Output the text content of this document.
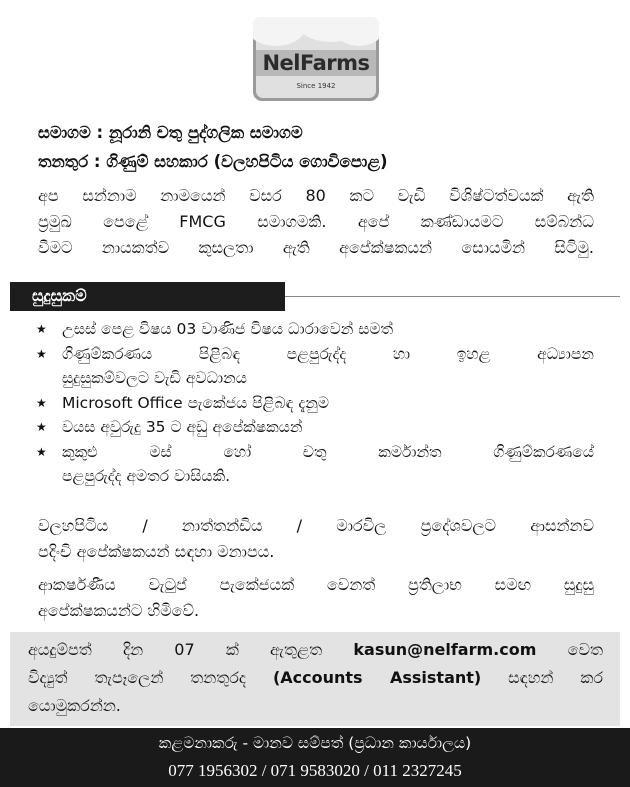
NelFarms
Since 1942
සමාගම : නූරානි චතු පුද්ගලික සමාගම
තනතුර : ගිණුම් සහකාර (වලහපිටිය ගොවිපොළ)
අප සන්නාම නාමයෙන් වසර 80 කට වැඩි විශිෂ්ටත්වයක් ඇති
ප්‍රමුඛ පෙළේ FMCG සමාගමකි. අපේ කණ්ඩායමට සම්බන්ධ
වීමට නායකත්ව කුසලතා ඇති අපේක්ෂකයන් සොයමින් සිටිමු.
සුදුසුකම්
★ උසස් පෙළ විෂය 03 වාණිජ විෂය ධාරාවෙන් සමත්
★ ගිණුම්කරණය පිළිබඳ පළපුරුද්ද හා ඉහළ අධ්‍යාපන
සුදුසුකම්වලට වැඩි අවධානය
★ Microsoft Office පැකේජය පිළිබඳ දැනුම
★ වයස අවුරුදු 35 ට අඩු අපේක්ෂකයන්
★ කුකුළු මස් හෝ චතු කර්මාන්ත ගිණුම්කරණයේ
පළපුරුද්ද අමතර වාසියකි.
වලහපිටිය / නාත්තන්ඩිය / මාරවිල ප්‍රදේශවලට ආසන්නව
පදිංචි අපේක්ෂකයන් සඳහා මනාපය.
ආකර්ෂණීය වැටුප් පැකේජයක් වෙනත් ප්‍රතිලාභ සමඟ සුදුසු
අපේක්ෂකයන්ට හිමිවේ.
අයදුම්පත් දින 07 ක් ඇතුළත kasun@nelfarm.com වෙත
විද්‍යුත් තැපෑලෙන් තනතුරද (Accounts Assistant) සඳහන් කර
යොමුකරන්න.
කළමනාකරු - මානව සම්පත් (ප්‍රධාන කාර්යාලය)
077 1956302 / 071 9583020 / 011 2327245
